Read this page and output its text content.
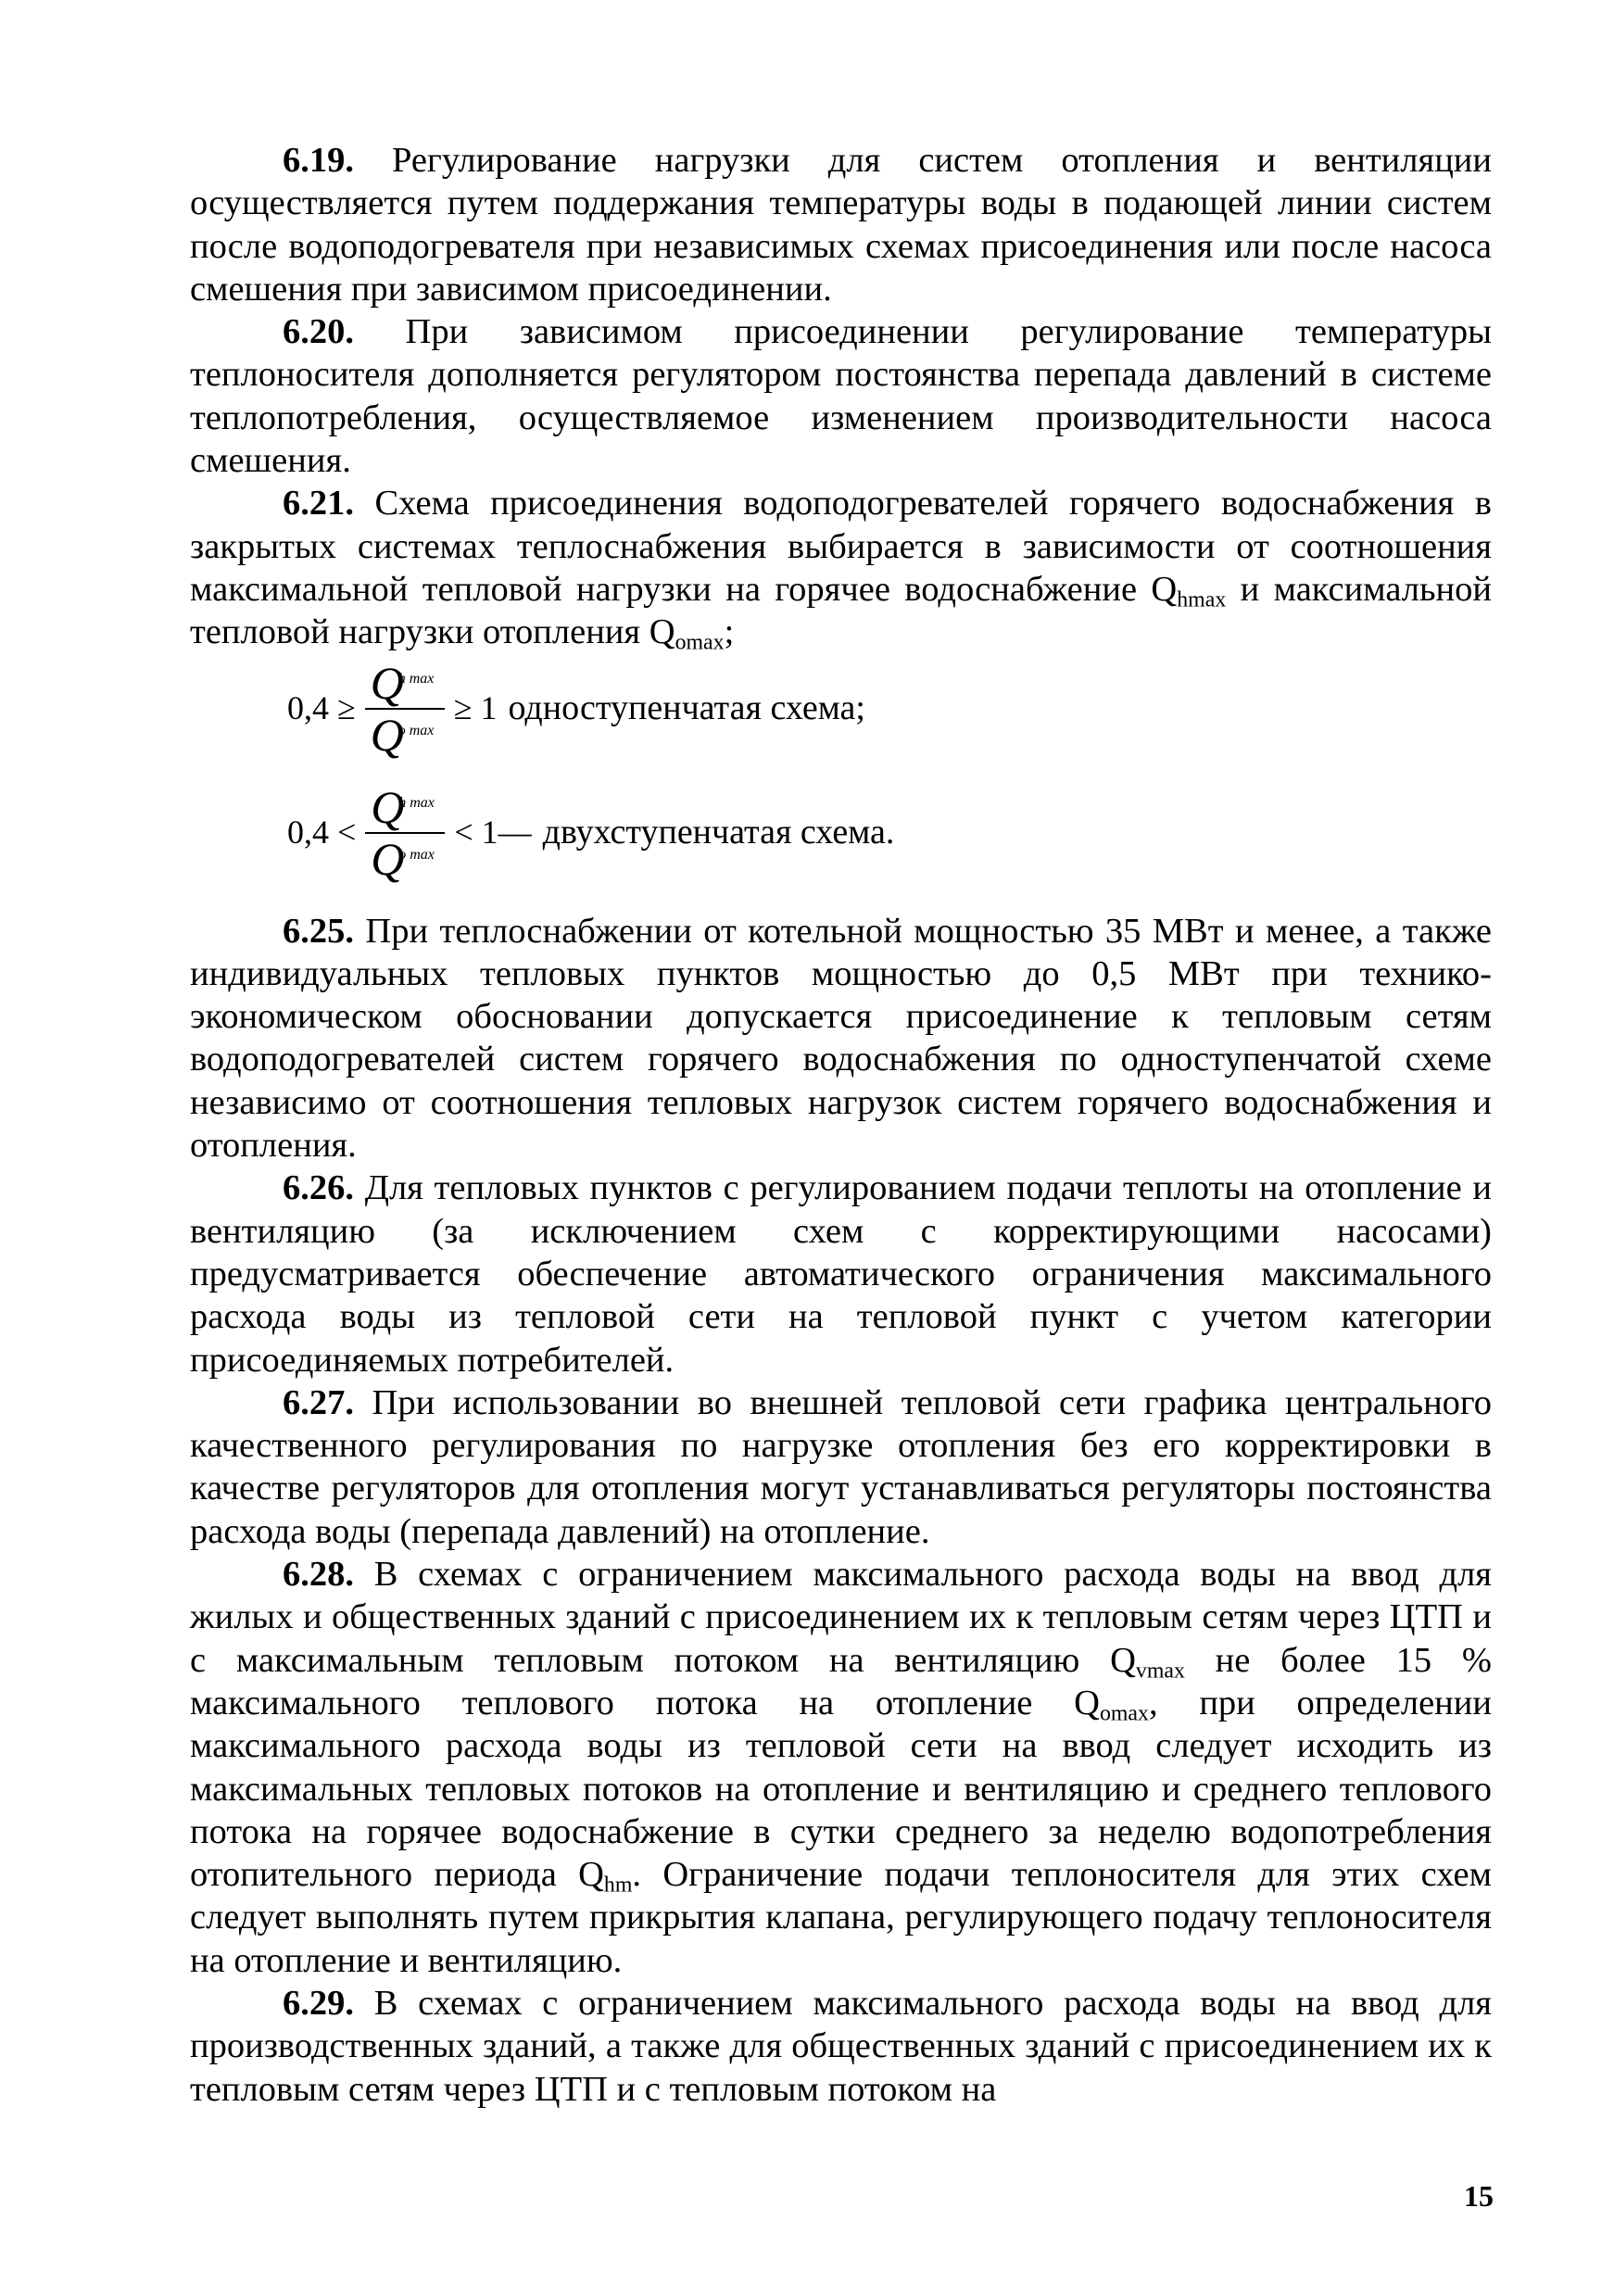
6.19. Регулирование нагрузки для систем отопления и вентиляции осуществляется путем поддержания температуры воды в подающей линии систем после водоподогревателя при независимых схемах присоединения или после насоса смешения при зависимом присоединении.

6.20. При зависимом присоединении регулирование температуры теплоносителя дополняется регулятором постоянства перепада давлений в системе теплопотребления, осуществляемое изменением производительности насоса смешения.

6.21. Схема присоединения водоподогревателей горячего водоснабжения в закрытых системах теплоснабжения выбирается в зависимости от соотношения максимальной тепловой нагрузки на горячее водоснабжение $Q_{hmax}$ и максимальной тепловой нагрузки отопления $Q_{omax}$;

0,4 ≥ Q
h max
Q
o max ≥ 1 одноступенчатая схема;
0,4 < Q
h max
Q
o max < 1— двухступенчатая схема.

6.25. При теплоснабжении от котельной мощностью 35 МВт и менее, а также индивидуальных тепловых пунктов мощностью до 0,5 МВт при технико-экономическом обосновании допускается присоединение к тепловым сетям водоподогревателей систем горячего водоснабжения по одноступенчатой схеме независимо от соотношения тепловых нагрузок систем горячего водоснабжения и отопления.

6.26. Для тепловых пунктов с регулированием подачи теплоты на отопление и вентиляцию (за исключением схем с корректирующими насосами) предусматривается обеспечение автоматического ограничения максимального расхода воды из тепловой сети на тепловой пункт с учетом категории присоединяемых потребителей.

6.27. При использовании во внешней тепловой сети графика центрального качественного регулирования по нагрузке отопления без его корректировки в качестве регуляторов для отопления могут устанавливаться регуляторы постоянства расхода воды (перепада давлений) на отопление.

6.28. В схемах с ограничением максимального расхода воды на ввод для жилых и общественных зданий с присоединением их к тепловым сетям через ЦТП и с максимальным тепловым потоком на вентиляцию $Q_{vmax}$ не более 15 % максимального теплового потока на отопление $Q_{omax}$, при определении максимального расхода воды из тепловой сети на ввод следует исходить из максимальных тепловых потоков на отопление и вентиляцию и среднего теплового потока на горячее водоснабжение в сутки среднего за неделю водопотребления отопительного периода $Q_{hm}$. Ограничение подачи теплоносителя для этих схем следует выполнять путем прикрытия клапана, регулирующего подачу теплоносителя на отопление и вентиляцию.

6.29. В схемах с ограничением максимального расхода воды на ввод для производственных зданий, а также для общественных зданий с присоединением их к тепловым сетям через ЦТП и с тепловым потоком на

15
